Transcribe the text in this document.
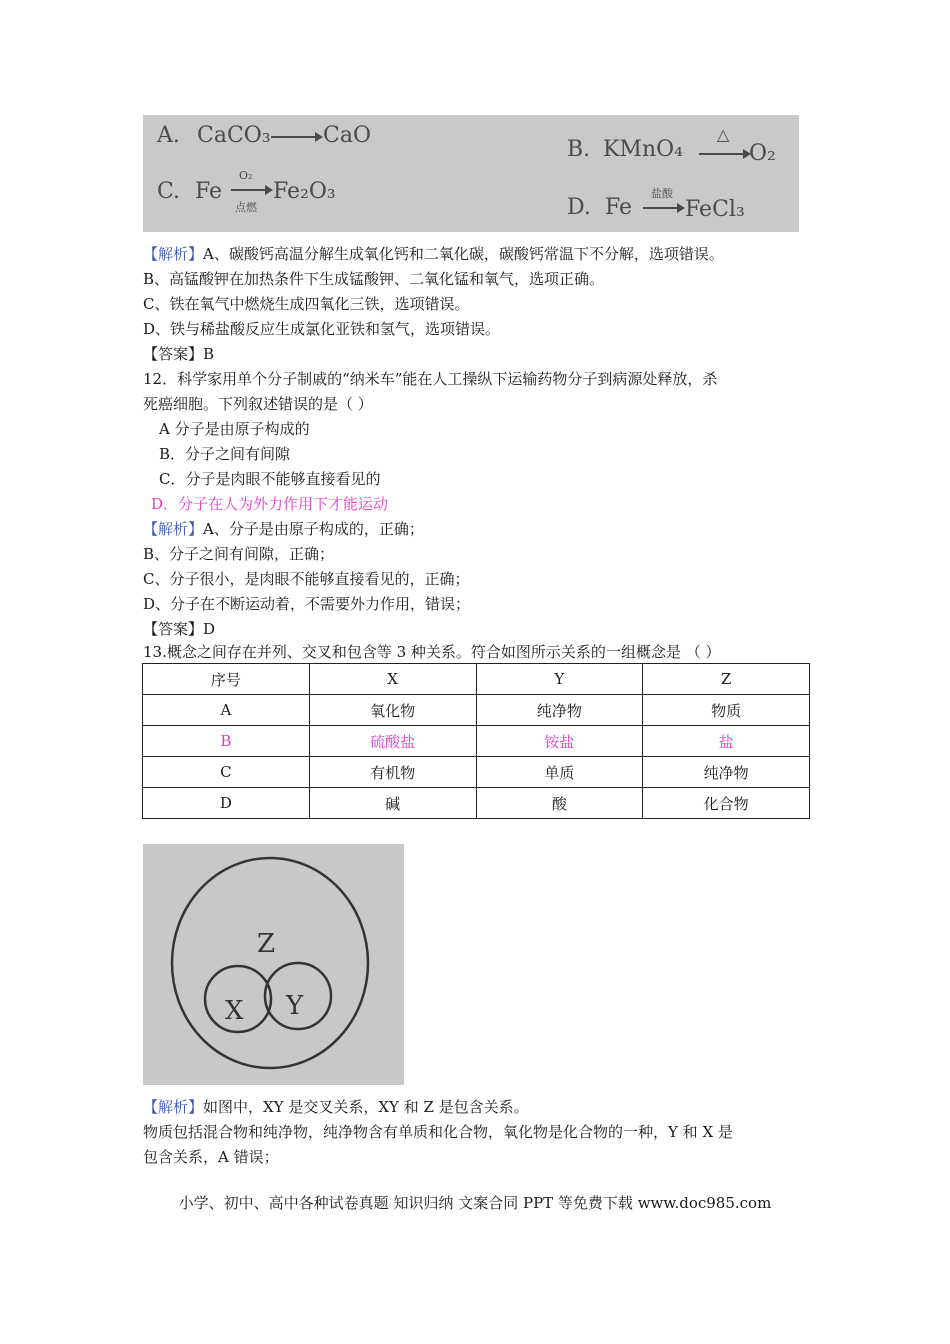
A. CaCO₃ CaO
B. KMnO₄
△
O₂
C. Fe
O₂
点燃
Fe₂O₃
D. Fe
盐酸
FeCl₃
【解析】A、碳酸钙高温分解生成氧化钙和二氧化碳，碳酸钙常温下不分解，选项错误。
B、高锰酸钾在加热条件下生成锰酸钾、二氧化锰和氧气，选项正确。
C、铁在氧气中燃烧生成四氧化三铁，选项错误。
D、铁与稀盐酸反应生成氯化亚铁和氢气，选项错误。
【答案】B
12．科学家用单个分子制戚的“纳米车”能在人工操纵下运输药物分子到病源处释放，杀
死癌细胞。下列叙述错误的是（ ）
A 分子是由原子构成的
B．分子之间有间隙
C．分子是肉眼不能够直接看见的
D．分子在人为外力作用下才能运动
【解析】A、分子是由原子构成的，正确；
B、分子之间有间隙，正确；
C、分子很小，是肉眼不能够直接看见的，正确；
D、分子在不断运动着，不需要外力作用，错误；
【答案】D
13.概念之间存在并列、交叉和包含等 3 种关系。符合如图所示关系的一组概念是 （ ）
序号	X	Y	Z
A	氧化物	纯净物	物质
B	硫酸盐	铵盐	盐
C	有机物	单质	纯净物
D	碱	酸	化合物
Z
X Y
【解析】如图中，XY 是交叉关系，XY 和 Z 是包含关系。
物质包括混合物和纯净物，纯净物含有单质和化合物，氧化物是化合物的一种，Y 和 X 是
包含关系，A 错误；
小学、初中、高中各种试卷真题 知识归纳 文案合同 PPT 等免费下载 www.doc985.com
